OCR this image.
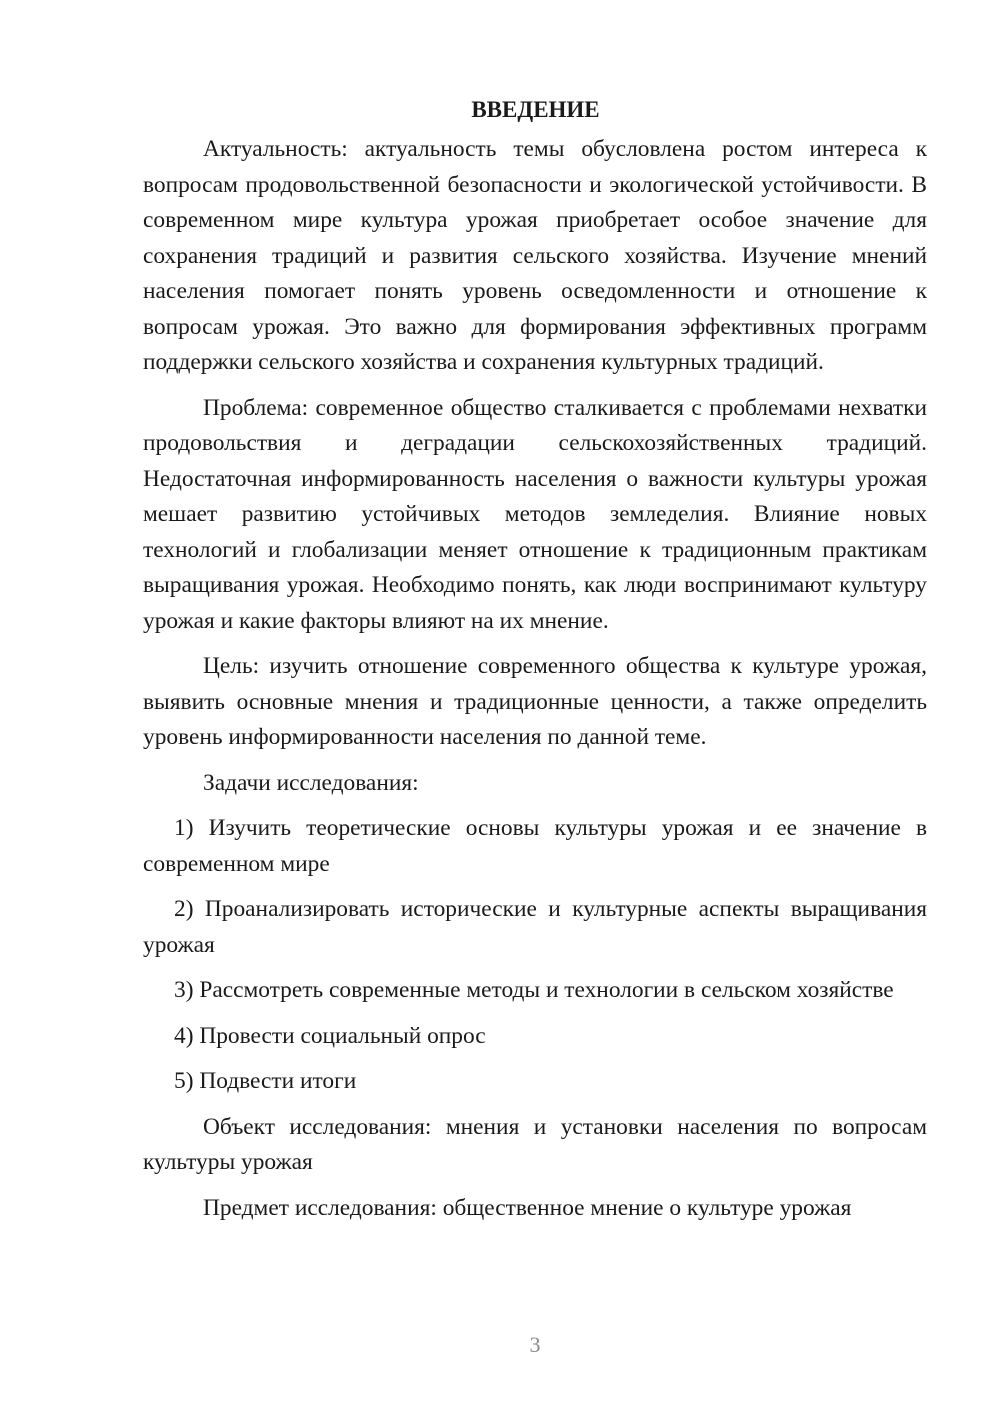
ВВЕДЕНИЕ

Актуальность: актуальность темы обусловлена ростом интереса к вопросам продовольственной безопасности и экологической устойчивости. В современном мире культура урожая приобретает особое значение для сохранения традиций и развития сельского хозяйства. Изучение мнений населения помогает понять уровень осведомленности и отношение к вопросам урожая. Это важно для формирования эффективных программ поддержки сельского хозяйства и сохранения культурных традиций.

Проблема: современное общество сталкивается с проблемами нехватки продовольствия и деградации сельскохозяйственных традиций. Недостаточная информированность населения о важности культуры урожая мешает развитию устойчивых методов земледелия. Влияние новых технологий и глобализации меняет отношение к традиционным практикам выращивания урожая. Необходимо понять, как люди воспринимают культуру урожая и какие факторы влияют на их мнение.

Цель: изучить отношение современного общества к культуре урожая, выявить основные мнения и традиционные ценности, а также определить уровень информированности населения по данной теме.

Задачи исследования:

1) Изучить теоретические основы культуры урожая и ее значение в современном мире

2) Проанализировать исторические и культурные аспекты выращивания урожая

3) Рассмотреть современные методы и технологии в сельском хозяйстве

4) Провести социальный опрос

5) Подвести итоги

Объект исследования: мнения и установки населения по вопросам культуры урожая

Предмет исследования: общественное мнение о культуре урожая

3
